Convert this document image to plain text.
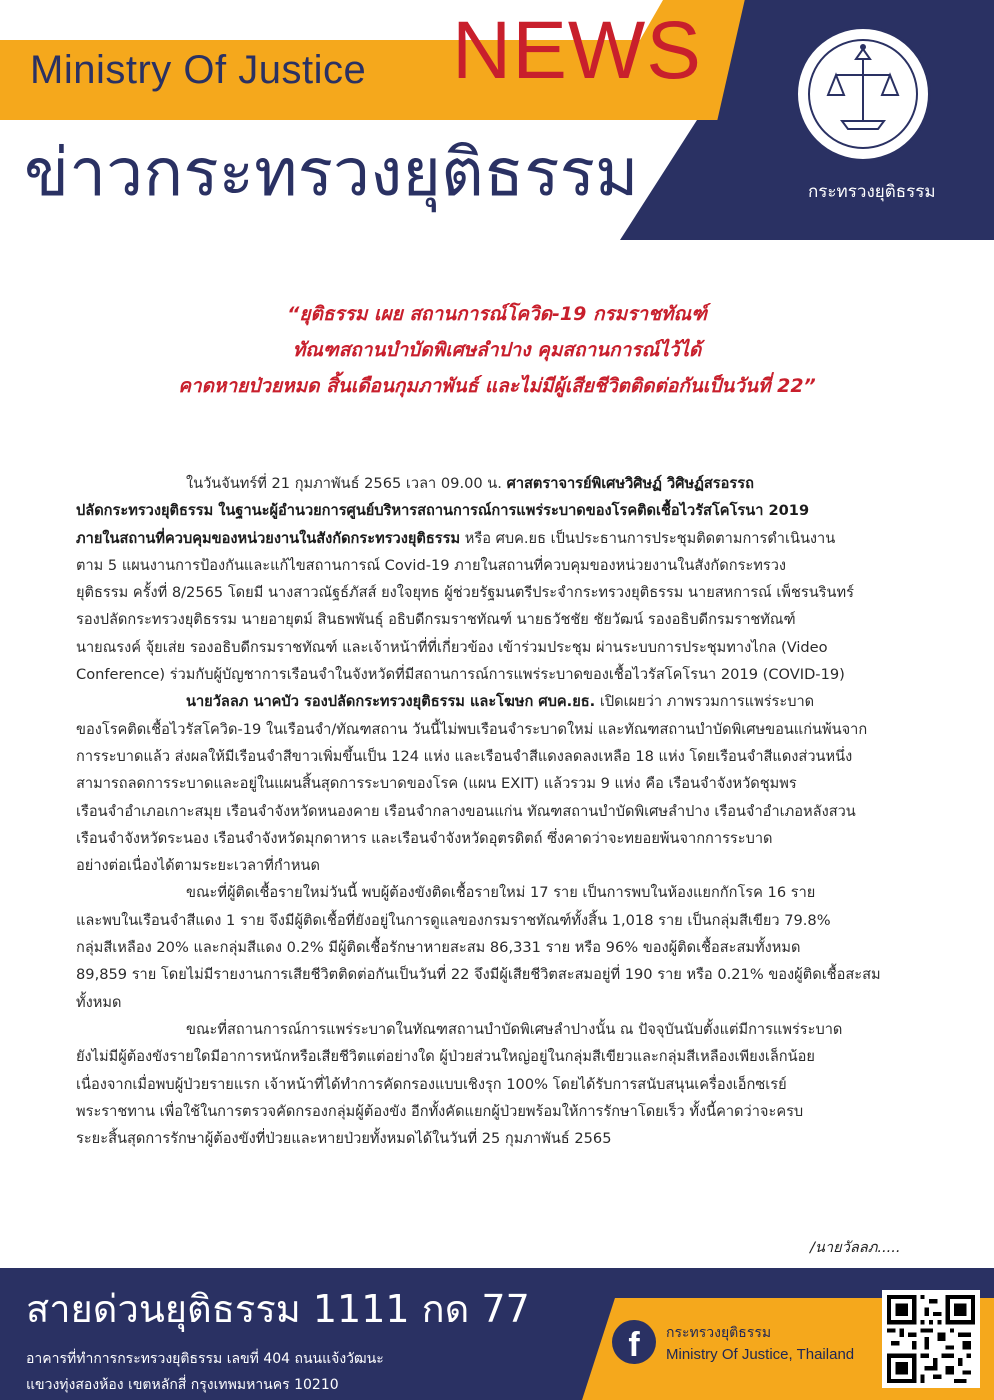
Ministry Of Justice NEWS
ข่าวกระทรวงยุติธรรม	กระทรวงยุติธรรม
“ยุติธรรม เผย สถานการณ์โควิด-19 กรมราชทัณฑ์
ทัณฑสถานบำบัดพิเศษลำปาง คุมสถานการณ์ไว้ได้
คาดหายป่วยหมด สิ้นเดือนกุมภาพันธ์ และไม่มีผู้เสียชีวิตติดต่อกันเป็นวันที่ 22”
ในวันจันทร์ที่ 21 กุมภาพันธ์ 2565 เวลา 09.00 น. ศาสตราจารย์พิเศษวิศิษฏ์ วิศิษฏ์สรอรรถ
ปลัดกระทรวงยุติธรรม ในฐานะผู้อำนวยการศูนย์บริหารสถานการณ์การแพร่ระบาดของโรคติดเชื้อไวรัสโคโรนา 2019
ภายในสถานที่ควบคุมของหน่วยงานในสังกัดกระทรวงยุติธรรม หรือ ศบค.ยธ เป็นประธานการประชุมติดตามการดำเนินงาน
ตาม 5 แผนงานการป้องกันและแก้ไขสถานการณ์ Covid-19 ภายในสถานที่ควบคุมของหน่วยงานในสังกัดกระทรวง
ยุติธรรม ครั้งที่ 8/2565 โดยมี นางสาวณัฐธ์ภัสส์ ยงใจยุทธ ผู้ช่วยรัฐมนตรีประจำกระทรวงยุติธรรม นายสหการณ์ เพ็ชรนรินทร์
รองปลัดกระทรวงยุติธรรม นายอายุตม์ สินธพพันธุ์ อธิบดีกรมราชทัณฑ์ นายธวัชชัย ชัยวัฒน์ รองอธิบดีกรมราชทัณฑ์
นายณรงค์ จุ้ยเส่ย รองอธิบดีกรมราชทัณฑ์ และเจ้าหน้าที่ที่เกี่ยวข้อง เข้าร่วมประชุม ผ่านระบบการประชุมทางไกล (Video
Conference) ร่วมกับผู้บัญชาการเรือนจำในจังหวัดที่มีสถานการณ์การแพร่ระบาดของเชื้อไวรัสโคโรนา 2019 (COVID-19)
นายวัลลภ นาคบัว รองปลัดกระทรวงยุติธรรม และโฆษก ศบค.ยธ. เปิดเผยว่า ภาพรวมการแพร่ระบาด
ของโรคติดเชื้อไวรัสโควิด-19 ในเรือนจำ/ทัณฑสถาน วันนี้ไม่พบเรือนจำระบาดใหม่ และทัณฑสถานบำบัดพิเศษขอนแก่นพ้นจาก
การระบาดแล้ว ส่งผลให้มีเรือนจำสีขาวเพิ่มขึ้นเป็น 124 แห่ง และเรือนจำสีแดงลดลงเหลือ 18 แห่ง โดยเรือนจำสีแดงส่วนหนึ่ง
สามารถลดการระบาดและอยู่ในแผนสิ้นสุดการระบาดของโรค (แผน EXIT) แล้วรวม 9 แห่ง คือ เรือนจำจังหวัดชุมพร
เรือนจำอำเภอเกาะสมุย เรือนจำจังหวัดหนองคาย เรือนจำกลางขอนแก่น ทัณฑสถานบำบัดพิเศษลำปาง เรือนจำอำเภอหลังสวน
เรือนจำจังหวัดระนอง เรือนจำจังหวัดมุกดาหาร และเรือนจำจังหวัดอุตรดิตถ์ ซึ่งคาดว่าจะทยอยพ้นจากการระบาด
อย่างต่อเนื่องได้ตามระยะเวลาที่กำหนด
ขณะที่ผู้ติดเชื้อรายใหม่วันนี้ พบผู้ต้องขังติดเชื้อรายใหม่ 17 ราย เป็นการพบในห้องแยกกักโรค 16 ราย
และพบในเรือนจำสีแดง 1 ราย จึงมีผู้ติดเชื้อที่ยังอยู่ในการดูแลของกรมราชทัณฑ์ทั้งสิ้น 1,018 ราย เป็นกลุ่มสีเขียว 79.8%
กลุ่มสีเหลือง 20% และกลุ่มสีแดง 0.2% มีผู้ติดเชื้อรักษาหายสะสม 86,331 ราย หรือ 96% ของผู้ติดเชื้อสะสมทั้งหมด
89,859 ราย โดยไม่มีรายงานการเสียชีวิตติดต่อกันเป็นวันที่ 22 จึงมีผู้เสียชีวิตสะสมอยู่ที่ 190 ราย หรือ 0.21% ของผู้ติดเชื้อสะสม
ทั้งหมด
ขณะที่สถานการณ์การแพร่ระบาดในทัณฑสถานบำบัดพิเศษลำปางนั้น ณ ปัจจุบันนับตั้งแต่มีการแพร่ระบาด
ยังไม่มีผู้ต้องขังรายใดมีอาการหนักหรือเสียชีวิตแต่อย่างใด ผู้ป่วยส่วนใหญ่อยู่ในกลุ่มสีเขียวและกลุ่มสีเหลืองเพียงเล็กน้อย
เนื่องจากเมื่อพบผู้ป่วยรายแรก เจ้าหน้าที่ได้ทำการคัดกรองแบบเชิงรุก 100% โดยได้รับการสนับสนุนเครื่องเอ็กซเรย์
พระราชทาน เพื่อใช้ในการตรวจคัดกรองกลุ่มผู้ต้องขัง อีกทั้งคัดแยกผู้ป่วยพร้อมให้การรักษาโดยเร็ว ทั้งนี้คาดว่าจะครบ
ระยะสิ้นสุดการรักษาผู้ต้องขังที่ป่วยและหายป่วยทั้งหมดได้ในวันที่ 25 กุมภาพันธ์ 2565
/นายวัลลภ.....
สายด่วนยุติธรรม 1111 กด 77
อาคารที่ทำการกระทรวงยุติธรรม เลขที่ 404 ถนนแจ้งวัฒนะ
แขวงทุ่งสองห้อง เขตหลักสี่ กรุงเทพมหานคร 10210
f	กระทรวงยุติธรรม
Ministry Of Justice, Thailand
